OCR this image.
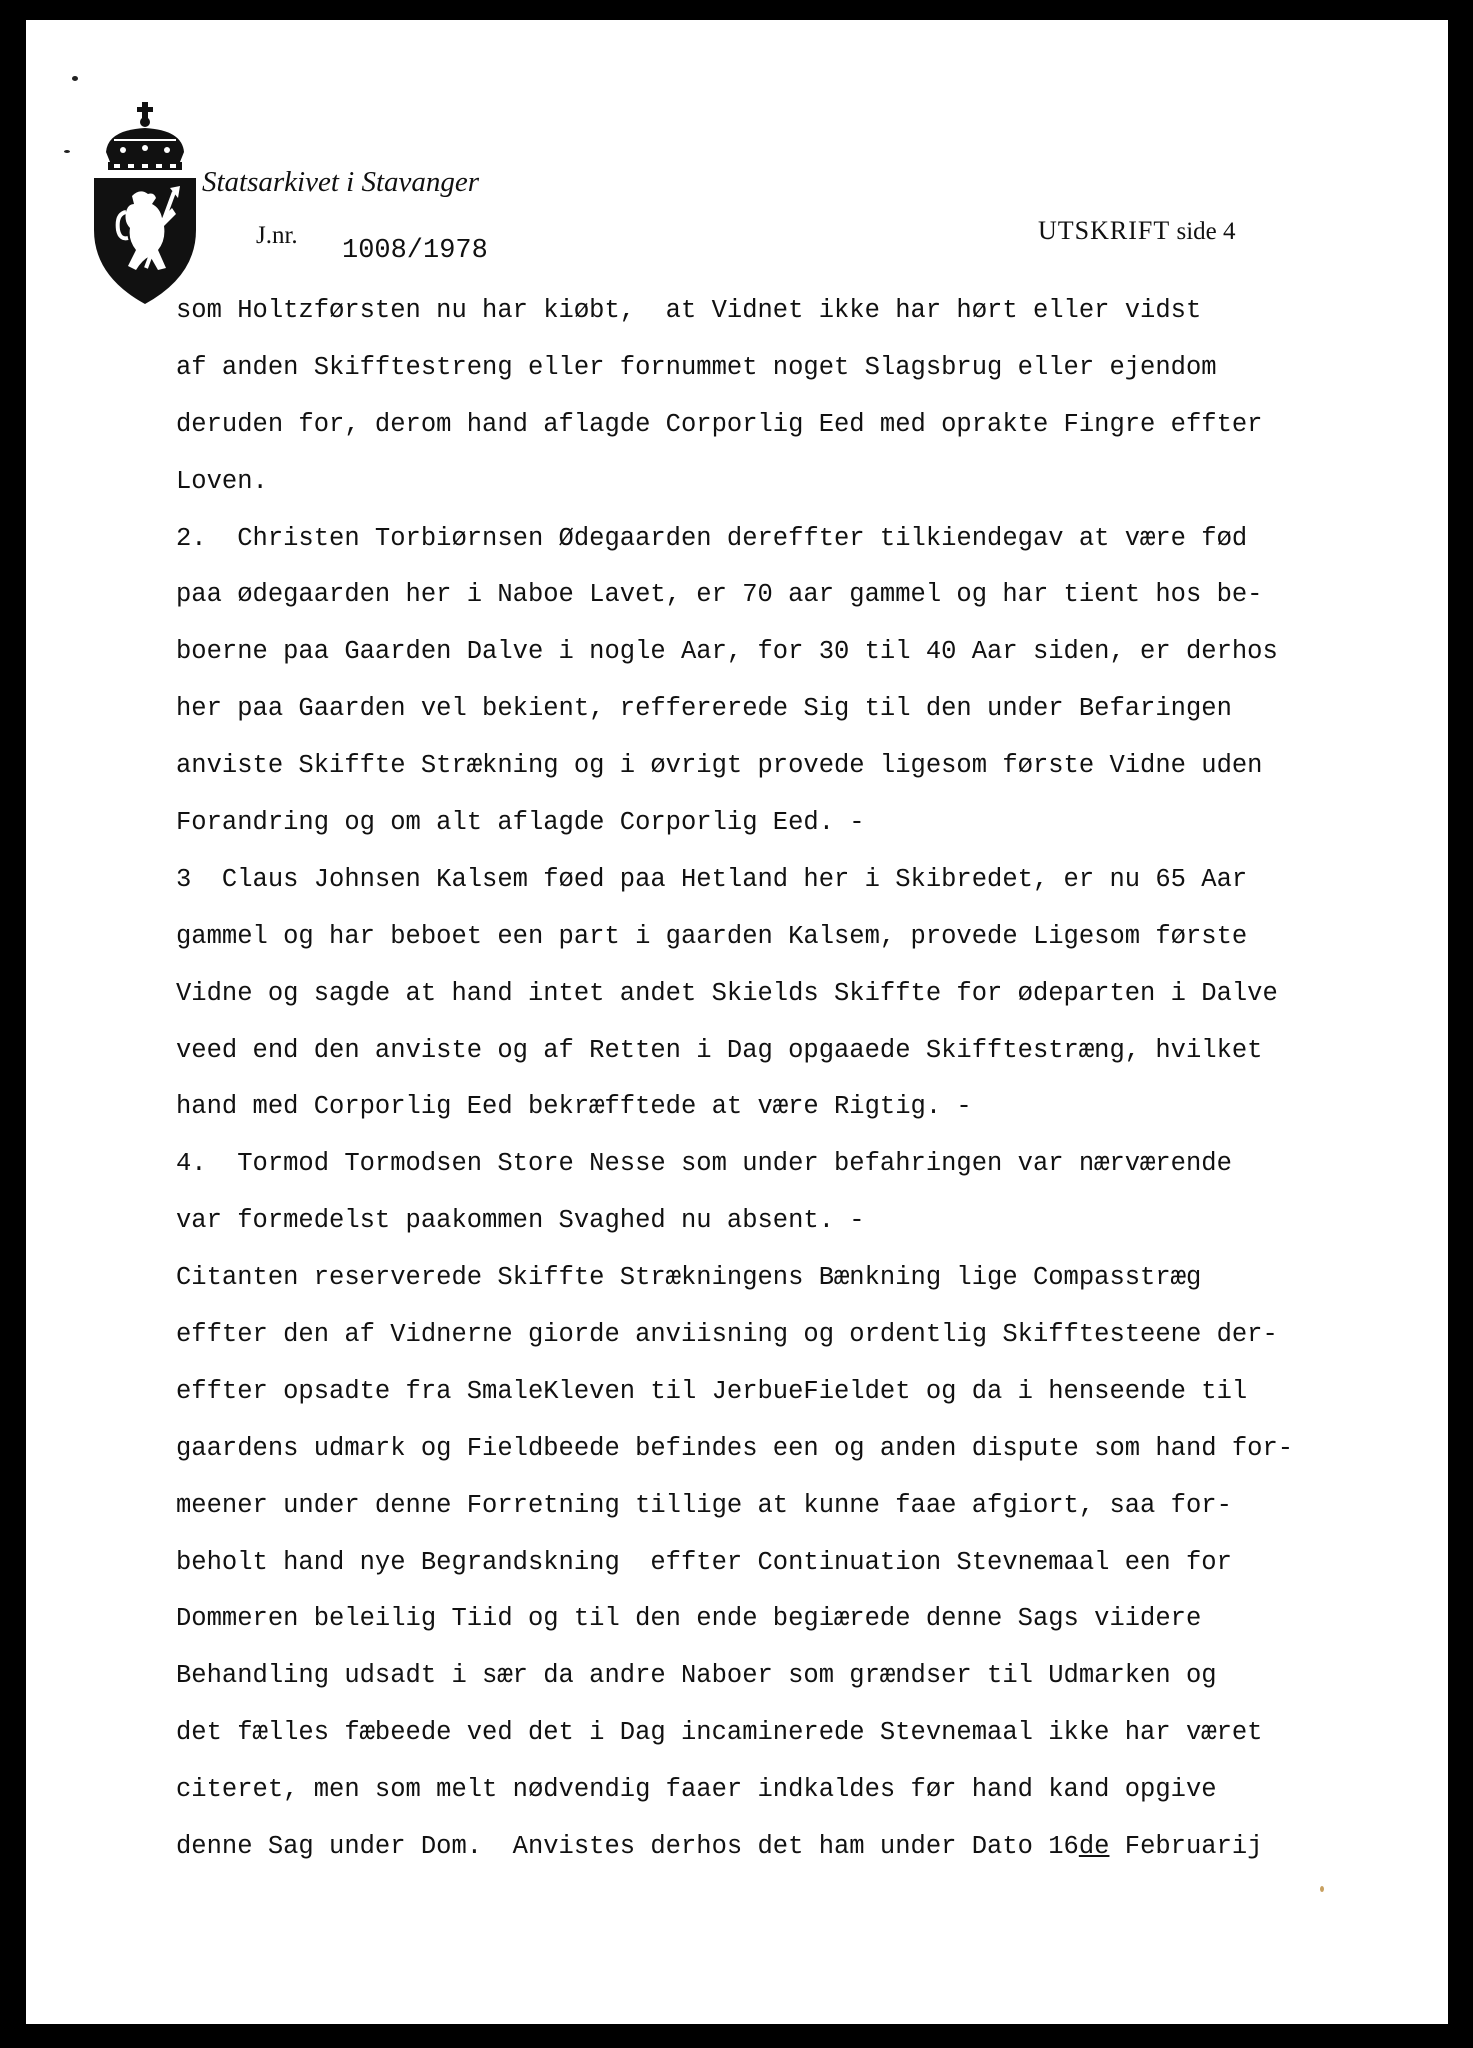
Statsarkivet i Stavanger
J.nr.
1008/1978
UTSKRIFT side 4
som Holtzførsten nu har kiøbt,  at Vidnet ikke har hørt eller vidst
af anden Skifftestreng eller fornummet noget Slagsbrug eller ejendom
deruden for, derom hand aflagde Corporlig Eed med oprakte Fingre effter
Loven.
2.  Christen Torbiørnsen Ødegaarden dereffter tilkiendegav at være fød
paa ødegaarden her i Naboe Lavet, er 70 aar gammel og har tient hos be-
boerne paa Gaarden Dalve i nogle Aar, for 30 til 40 Aar siden, er derhos
her paa Gaarden vel bekient, reffererede Sig til den under Befaringen
anviste Skiffte Strækning og i øvrigt provede ligesom første Vidne uden
Forandring og om alt aflagde Corporlig Eed. -
3  Claus Johnsen Kalsem føed paa Hetland her i Skibredet, er nu 65 Aar
gammel og har beboet een part i gaarden Kalsem, provede Ligesom første
Vidne og sagde at hand intet andet Skields Skiffte for ødeparten i Dalve
veed end den anviste og af Retten i Dag opgaaede Skifftestræng, hvilket
hand med Corporlig Eed bekræfftede at være Rigtig. -
4.  Tormod Tormodsen Store Nesse som under befahringen var nærværende
var formedelst paakommen Svaghed nu absent. -
Citanten reserverede Skiffte Strækningens Bænkning lige Compasstræg
effter den af Vidnerne giorde anviisning og ordentlig Skifftesteene der-
effter opsadte fra SmaleKleven til JerbueFieldet og da i henseende til
gaardens udmark og Fieldbeede befindes een og anden dispute som hand for-
meener under denne Forretning tillige at kunne faae afgiort, saa for-
beholt hand nye Begrandskning  effter Continuation Stevnemaal een for
Dommeren beleilig Tiid og til den ende begiærede denne Sags viidere
Behandling udsadt i sær da andre Naboer som grændser til Udmarken og
det fælles fæbeede ved det i Dag incaminerede Stevnemaal ikke har været
citeret, men som melt nødvendig faaer indkaldes før hand kand opgive
denne Sag under Dom.  Anvistes derhos det ham under Dato 16de Februarij
